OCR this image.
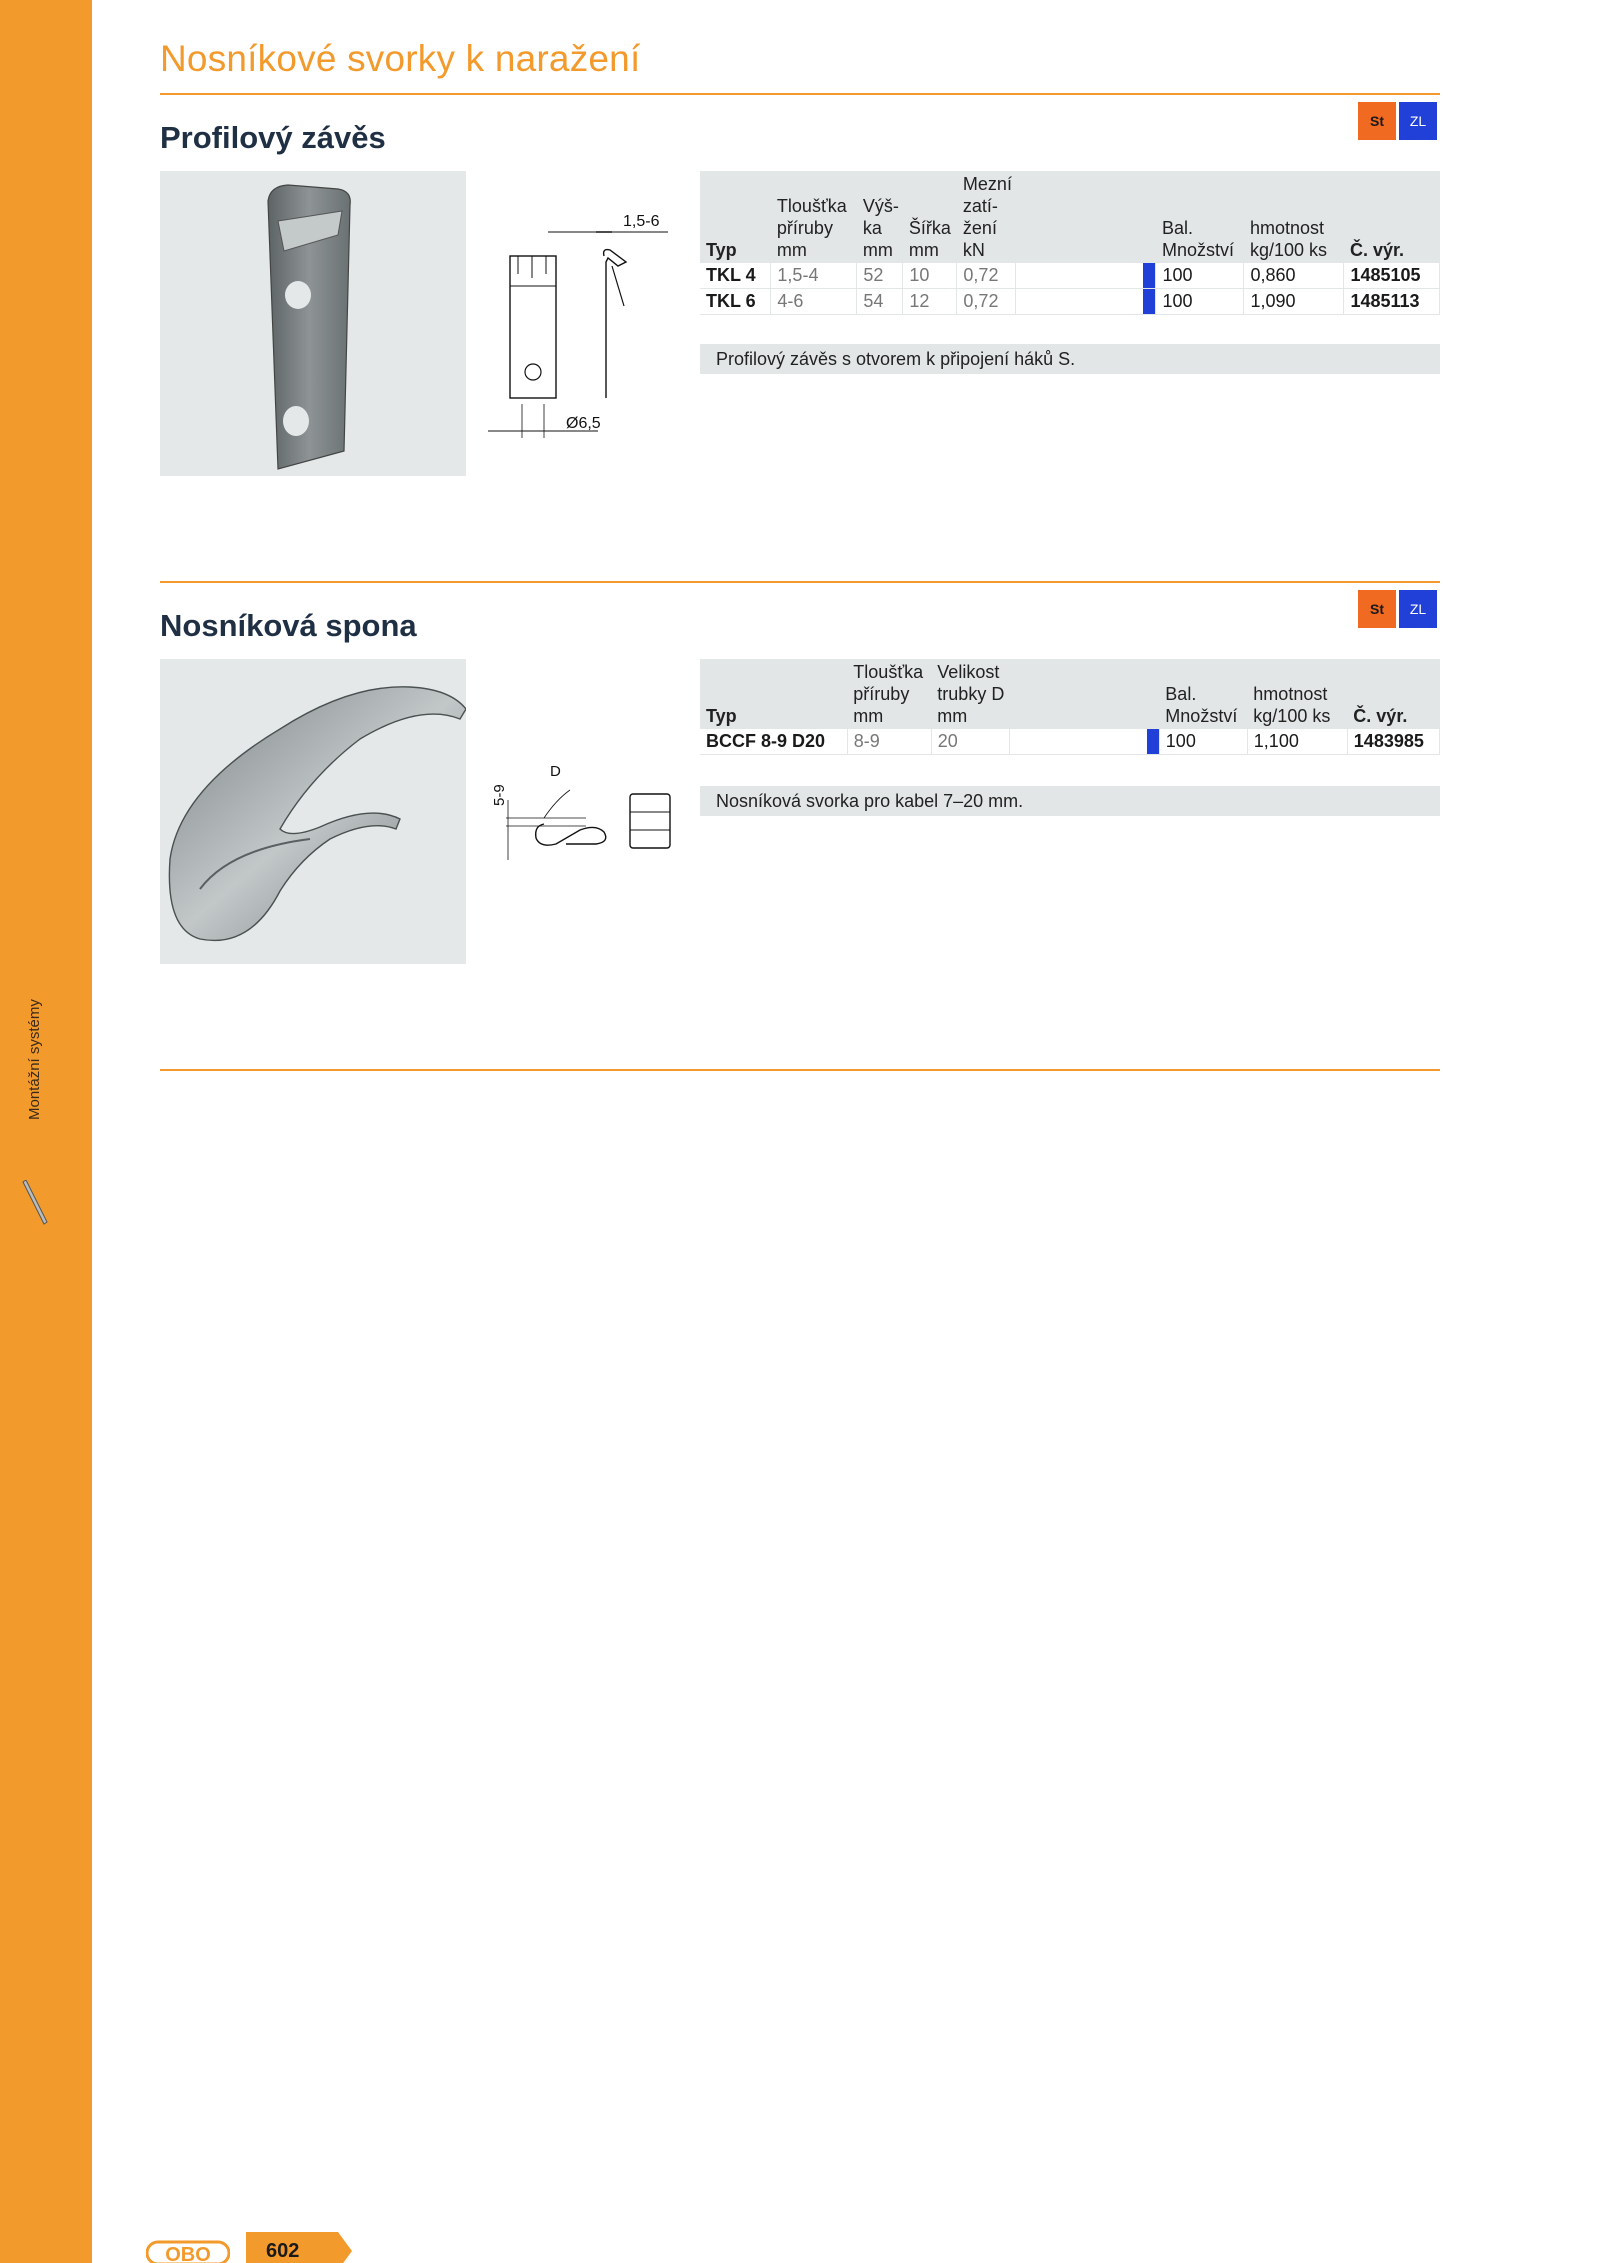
Nosníkové svorky k naražení
Profilový závěs	St	ZL
1,5-6
Ø6,5
Typ	Tloušťka příruby mm	Výš- ka mm	Šířka mm	Mezní zatí- žení kN		Bal. Množství	hmotnost kg/100 ks	Č. výr.
TKL 4	1,5-4	52	10	0,72		100	0,860	1485105
TKL 6	4-6	54	12	0,72		100	1,090	1485113
Profilový závěs s otvorem k připojení háků S.
Nosníková spona	St	ZL
D
5-9
Typ	Tloušťka příruby mm	Velikost trubky D mm		Bal. Množství	hmotnost kg/100 ks	Č. výr.
BCCF 8-9 D20	8-9	20		100	1,100	1483985
Nosníková svorka pro kabel 7–20 mm.
OBO	602
